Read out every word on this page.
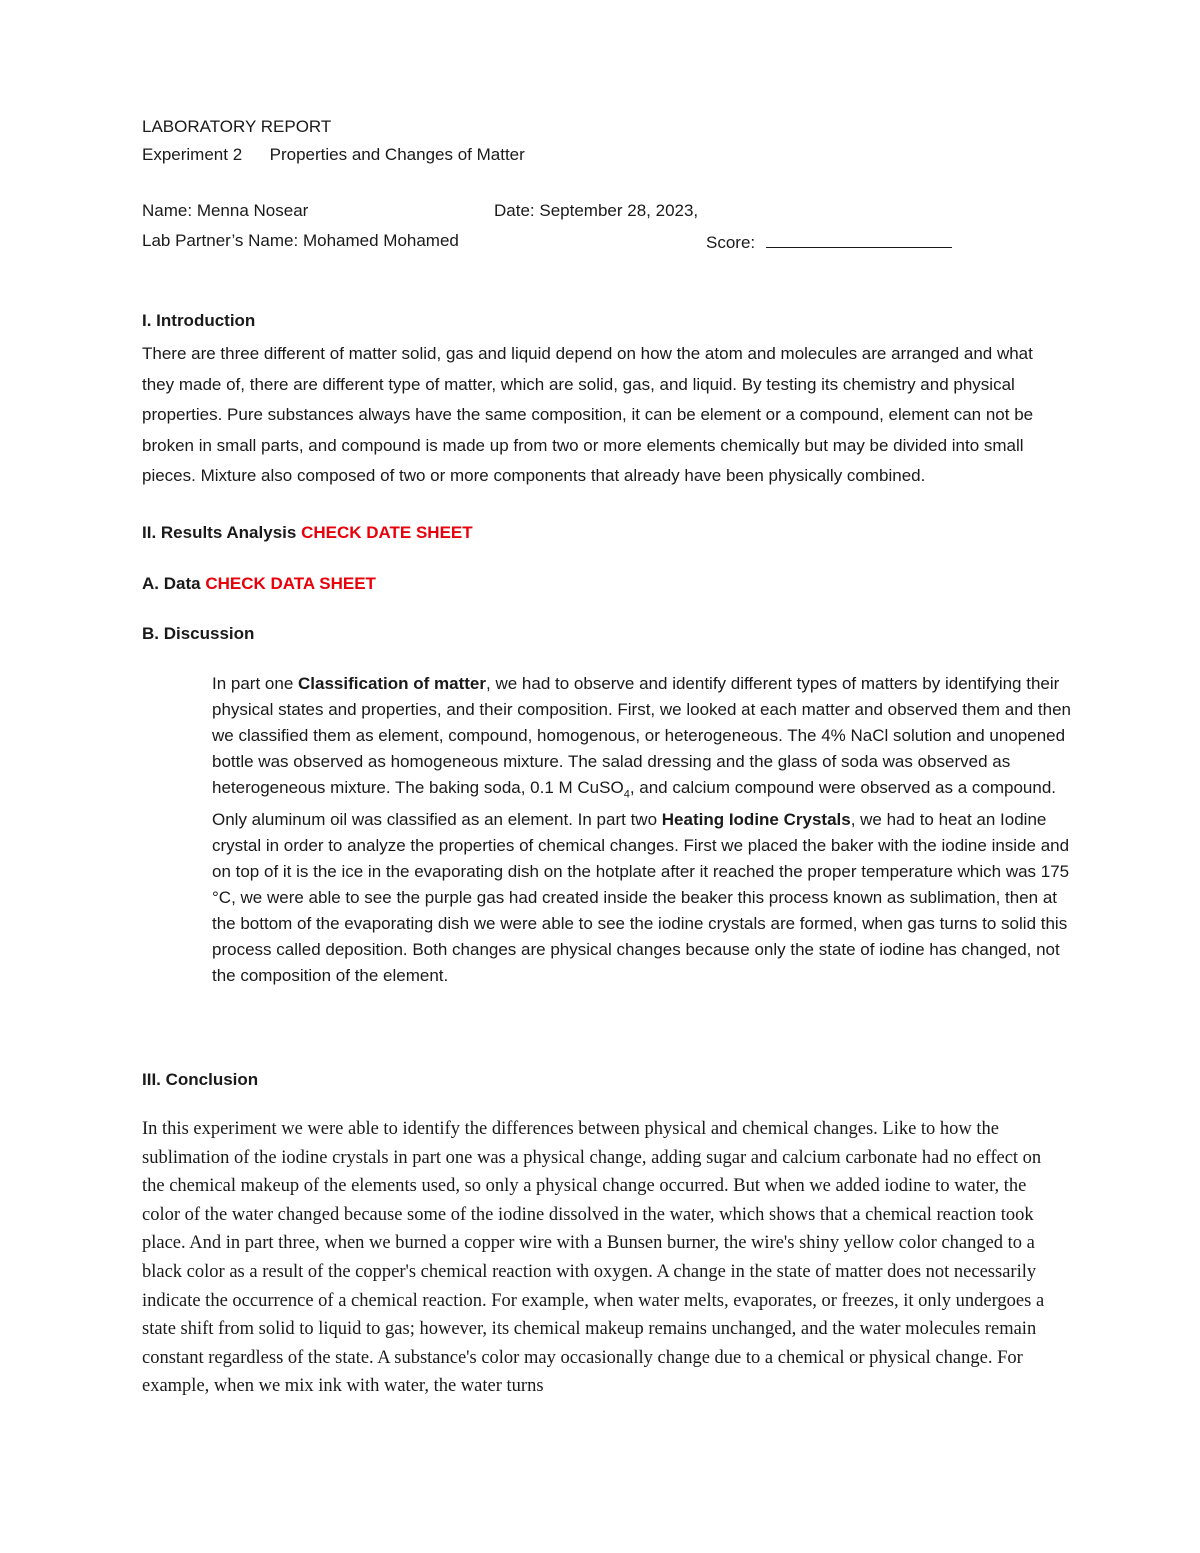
LABORATORY REPORT
Experiment 2 Properties and Changes of Matter
Name: Menna Nosear	Date: September 28, 2023,
Lab Partner’s Name: Mohamed Mohamed	Score:
I. Introduction

There are three different of matter solid, gas and liquid depend on how the atom and molecules are arranged and what they made of, there are different type of matter, which are solid, gas, and liquid. By testing its chemistry and physical properties. Pure substances always have the same composition, it can be element or a compound, element can not be broken in small parts, and compound is made up from two or more elements chemically but may be divided into small pieces. Mixture also composed of two or more components that already have been physically combined.

II. Results Analysis CHECK DATE SHEET
A. Data CHECK DATA SHEET
B. Discussion

In part one Classification of matter, we had to observe and identify different types of matters by identifying their physical states and properties, and their composition. First, we looked at each matter and observed them and then we classified them as element, compound, homogenous, or heterogeneous. The 4% NaCl solution and unopened bottle was observed as homogeneous mixture. The salad dressing and the glass of soda was observed as heterogeneous mixture. The baking soda, 0.1 M CuSO$_4$, and calcium compound were observed as a compound. Only aluminum oil was classified as an element. In part two Heating Iodine Crystals, we had to heat an Iodine crystal in order to analyze the properties of chemical changes. First we placed the baker with the iodine inside and on top of it is the ice in the evaporating dish on the hotplate after it reached the proper temperature which was 175 °C, we were able to see the purple gas had created inside the beaker this process known as sublimation, then at the bottom of the evaporating dish we were able to see the iodine crystals are formed, when gas turns to solid this process called deposition. Both changes are physical changes because only the state of iodine has changed, not the composition of the element.

III. Conclusion

In this experiment we were able to identify the differences between physical and chemical changes. Like to how the sublimation of the iodine crystals in part one was a physical change, adding sugar and calcium carbonate had no effect on the chemical makeup of the elements used, so only a physical change occurred. But when we added iodine to water, the color of the water changed because some of the iodine dissolved in the water, which shows that a chemical reaction took place. And in part three, when we burned a copper wire with a Bunsen burner, the wire's shiny yellow color changed to a black color as a result of the copper's chemical reaction with oxygen. A change in the state of matter does not necessarily indicate the occurrence of a chemical reaction. For example, when water melts, evaporates, or freezes, it only undergoes a state shift from solid to liquid to gas; however, its chemical makeup remains unchanged, and the water molecules remain constant regardless of the state. A substance's color may occasionally change due to a chemical or physical change. For example, when we mix ink with water, the water turns
